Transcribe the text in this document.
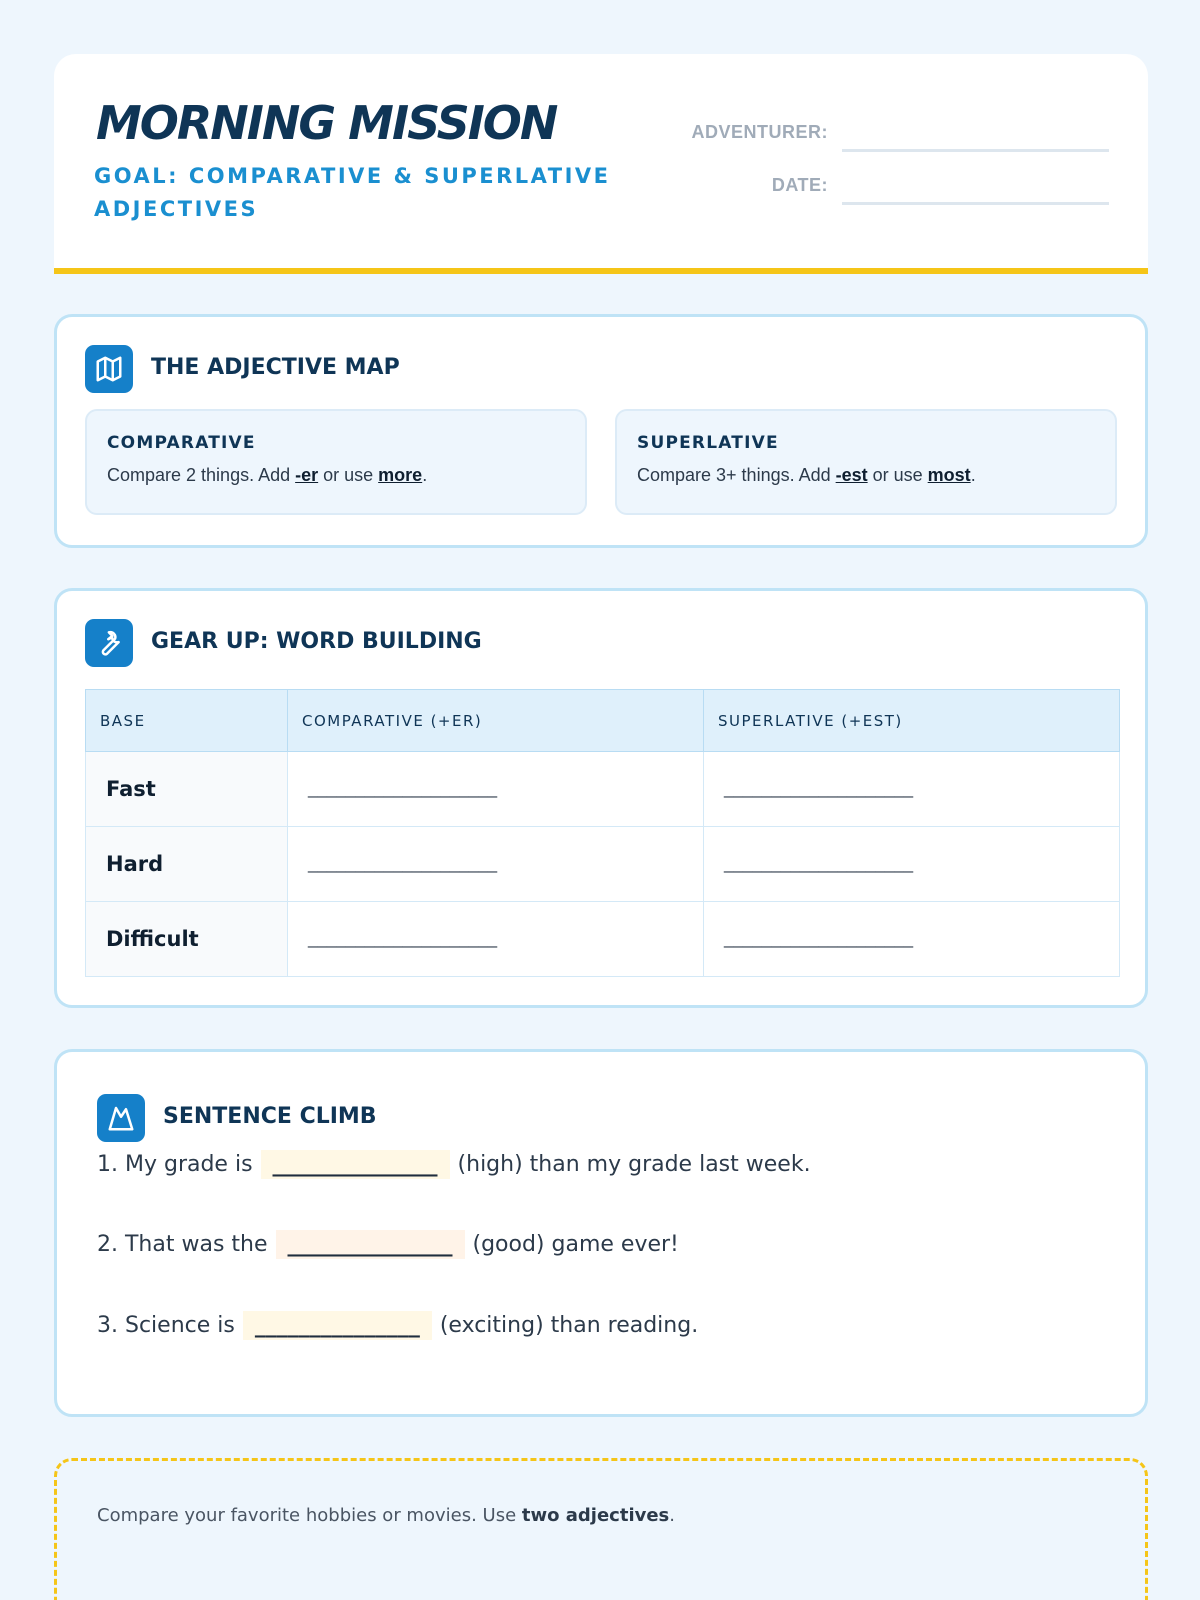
MORNING MISSION
GOAL: COMPARATIVE & SUPERLATIVE ADJECTIVES
ADVENTURER:
DATE:
THE ADJECTIVE MAP
COMPARATIVE
Compare 2 things. Add -er or use more.
SUPERLATIVE
Compare 3+ things. Add -est or use most.
GEAR UP: WORD BUILDING
BASE	COMPARATIVE (+ER)	SUPERLATIVE (+EST)
Fast	____________________	____________________
Hard	____________________	____________________
Difficult	____________________	____________________
SENTENCE CLIMB
1. My grade is _______________ (high) than my grade last week.
2. That was the _______________ (good) game ever!
3. Science is _______________ (exciting) than reading.
Compare your favorite hobbies or movies. Use two adjectives.
